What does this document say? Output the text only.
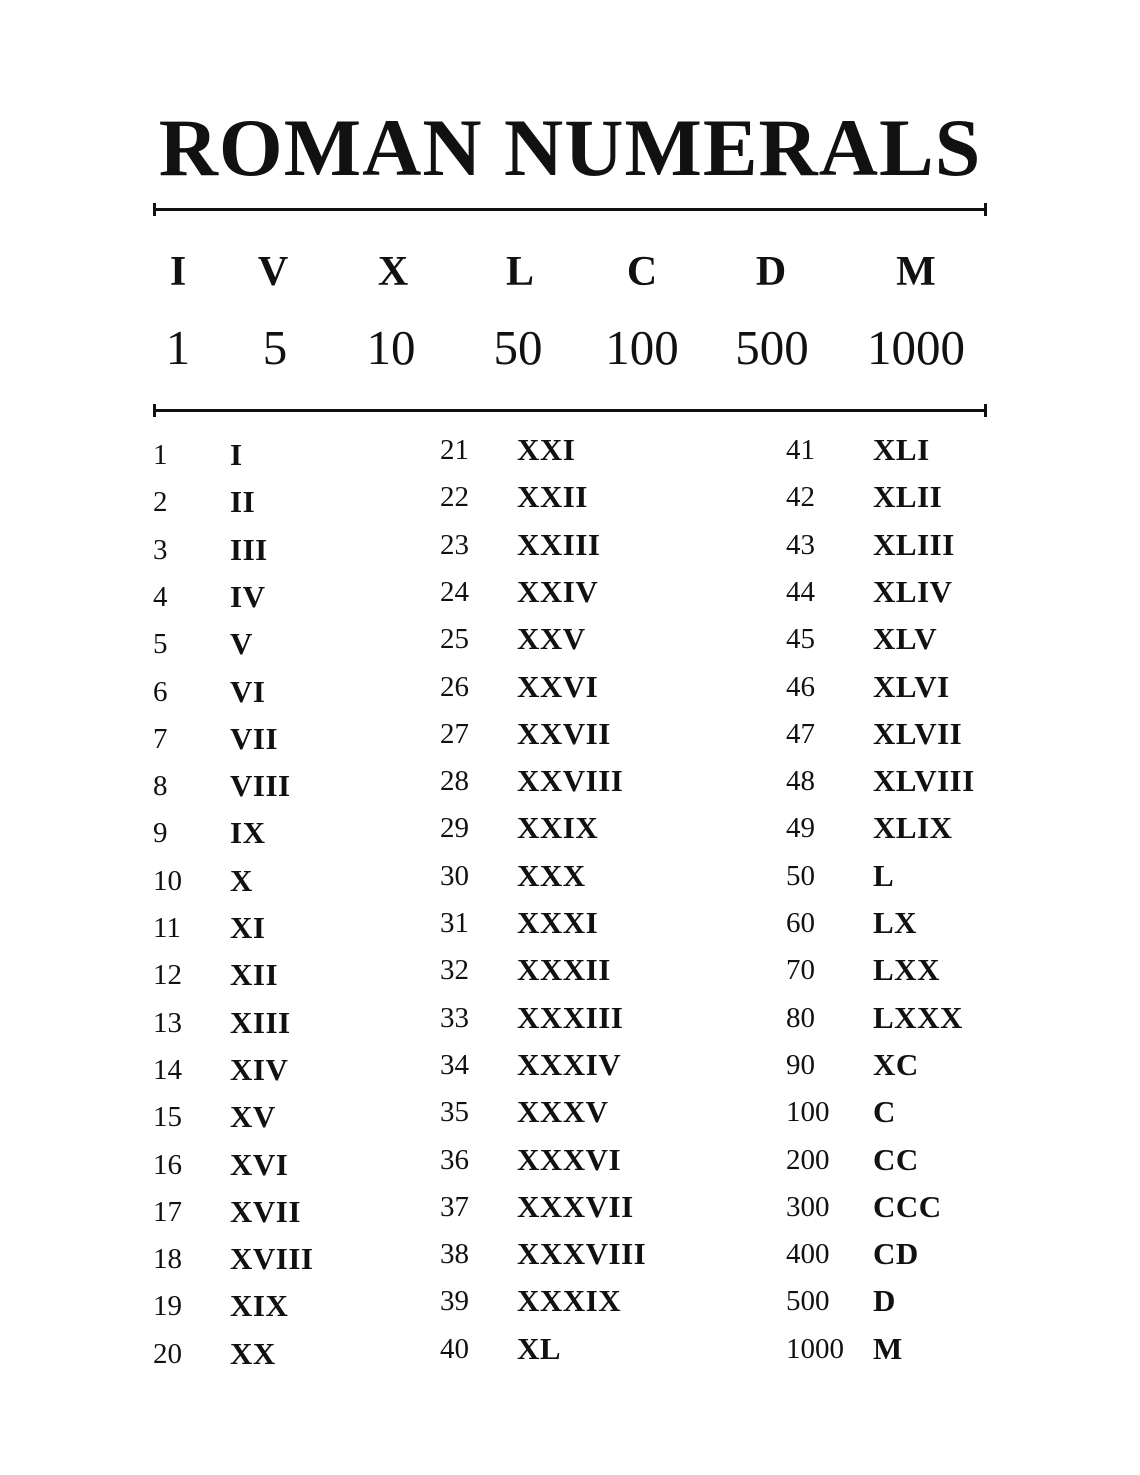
ROMAN NUMERALS
I	V	X	L	C	D	M
1	5	10	50	100	500	1000
1 I
2 II
3 III
4 IV
5 V
6 VI
7 VII
8 VIII
9 IX
10 X
11 XI
12 XII
13 XIII
14 XIV
15 XV
16 XVI
17 XVII
18 XVIII
19 XIX
20 XX
21 XXI
22 XXII
23 XXIII
24 XXIV
25 XXV
26 XXVI
27 XXVII
28 XXVIII
29 XXIX
30 XXX
31 XXXI
32 XXXII
33 XXXIII
34 XXXIV
35 XXXV
36 XXXVI
37 XXXVII
38 XXXVIII
39 XXXIX
40 XL
41 XLI
42 XLII
43 XLIII
44 XLIV
45 XLV
46 XLVI
47 XLVII
48 XLVIII
49 XLIX
50 L
60 LX
70 LXX
80 LXXX
90 XC
100 C
200 CC
300 CCC
400 CD
500 D
1000 M
